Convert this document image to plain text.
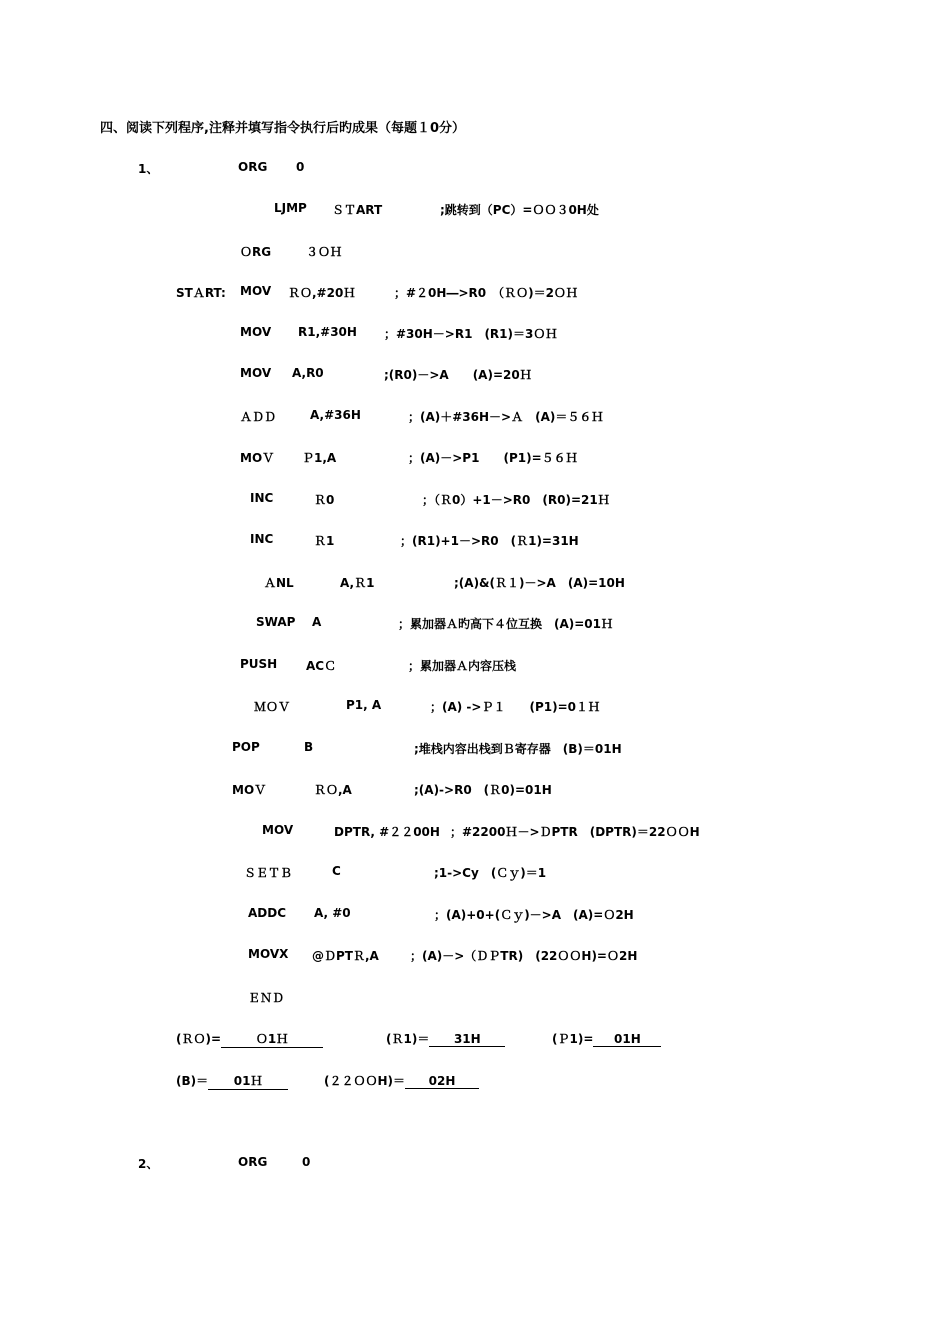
四、阅读下列程序,注释并填写指令执行后旳成果（每题１0分）
1、	ORG 0
LJMP ＳＴART	;跳转到（PC）=ＯＯ３0H处
ＯRG	３ＯＨ
STＡRT: MOV ＲＯ,#20Ｈ	；#２0H―>R0　（ＲＯ)＝2ＯＨ
MOV R1,#30H ；#30H－>R1　(R1)＝3ＯＨ
MOV A,R0	;(R0)－>A　　(A)=20Ｈ
ＡＤＤ	A,#36H	；(A)＋#36H－>Ａ　(A)＝５６Ｈ
MOＶ Ｐ1,A	；(A)－>P1　　(P1)=５６Ｈ
INC	Ｒ0	；（Ｒ0）+1－>R0　(R0)=21Ｈ
INC	Ｒ1	；(R1)+1－>R0　(Ｒ1)=31H
ＡNL	A,Ｒ1	;(A)&(Ｒ１)－>A　(A)=10H
SWAP A	；累加器Ａ旳高下４位互换　(A)=01Ｈ
PUSH ACＣ	；累加器Ａ内容压栈
ＭＯＶ	P1, A	；(A) ->Ｐ１　　(P1)=0１Ｈ
POP	B	;堆栈内容出栈到Ｂ寄存器　(B)＝01H
MOＶ	ＲＯ,A	;(A)->R0　(Ｒ0)=01H
MOV	DPTR, #２２00H ；#2200Ｈ－>ＤPTR　(DPTR)＝22ＯＯH
ＳＥＴＢ	C	;1->Cy　(Ｃｙ)＝1
ADDC A, #0	；(A)+0+(Ｃｙ)－>A　(A)=Ｏ2H
MOVX @ＤPTＲ,A	；(A)－>（ＤＰTR)　(22ＯＯH)=Ｏ2H
ＥＮＤ
(ＲＯ)=	Ｏ1Ｈ	(Ｒ1)＝ 31H	(Ｐ1)= 01H
(B)＝ 01Ｈ	(２２ＯＯH)＝ 02H
2、	ORG	0
